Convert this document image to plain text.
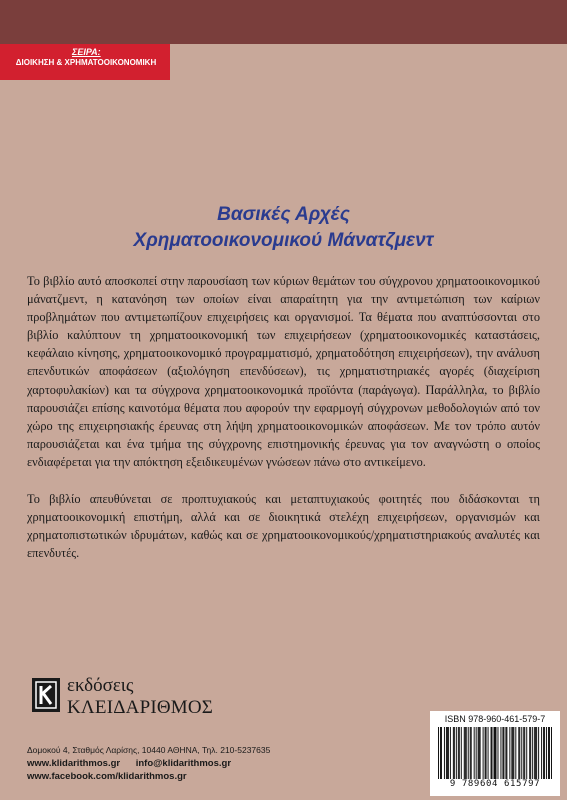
ΣΕΙΡΑ:
ΔΙΟΙΚΗΣΗ & ΧΡΗΜΑΤΟΟΙΚΟΝΟΜΙΚΗ
Βασικές Αρχές
Χρηματοοικονομικού Μάνατζμεντ
Το βιβλίο αυτό αποσκοπεί στην παρουσίαση των κύριων θεμάτων του σύγχρονου χρηματοοικονομικού μάνατζμεντ, η κατανόηση των οποίων είναι απαραίτητη για την αντιμετώπιση των καίριων προβλημάτων που αντιμετωπίζουν επιχειρήσεις και οργανισμοί. Τα θέματα που αναπτύσσονται στο βιβλίο καλύπτουν τη χρηματοοικονομική των επιχειρήσεων (χρηματοοικονομικές καταστάσεις, κεφάλαιο κίνησης, χρηματοοικονομικό προγραμματισμό, χρηματοδότηση επιχειρήσεων), την ανάλυση επενδυτικών αποφάσεων (αξιολόγηση επενδύσεων), τις χρηματιστηριακές αγορές (διαχείριση χαρτοφυλακίων) και τα σύγχρονα χρηματοοικονομικά προϊόντα (παράγωγα). Παράλληλα, το βιβλίο παρουσιάζει επίσης καινοτόμα θέματα που αφορούν την εφαρμογή σύγχρονων μεθοδολογιών από τον χώρο της επιχειρησιακής έρευνας στη λήψη χρηματοοικονομικών αποφάσεων. Με τον τρόπο αυτόν παρουσιάζεται και ένα τμήμα της σύγχρονης επιστημονικής έρευνας για τον αναγνώστη ο οποίος ενδιαφέρεται για την απόκτηση εξειδικευμένων γνώσεων πάνω στο αντικείμενο.
Το βιβλίο απευθύνεται σε προπτυχιακούς και μεταπτυχιακούς φοιτητές που διδάσκονται τη χρηματοοικονομική επιστήμη, αλλά και σε διοικητικά στελέχη επιχειρήσεων, οργανισμών και χρηματοπιστωτικών ιδρυμάτων, καθώς και σε χρηματοοικονομικούς/χρηματιστηριακούς αναλυτές και επενδυτές.
εκδόσεις
ΚΛΕΙΔΑΡΙΘΜΟΣ
Δομοκού 4, Σταθμός Λαρίσης, 10440 ΑΘΗΝΑ, Τηλ. 210-5237635
www.klidarithmos.gr info@klidarithmos.gr
www.facebook.com/klidarithmos.gr
ISBN 978-960-461-579-7
9 789604 615797
